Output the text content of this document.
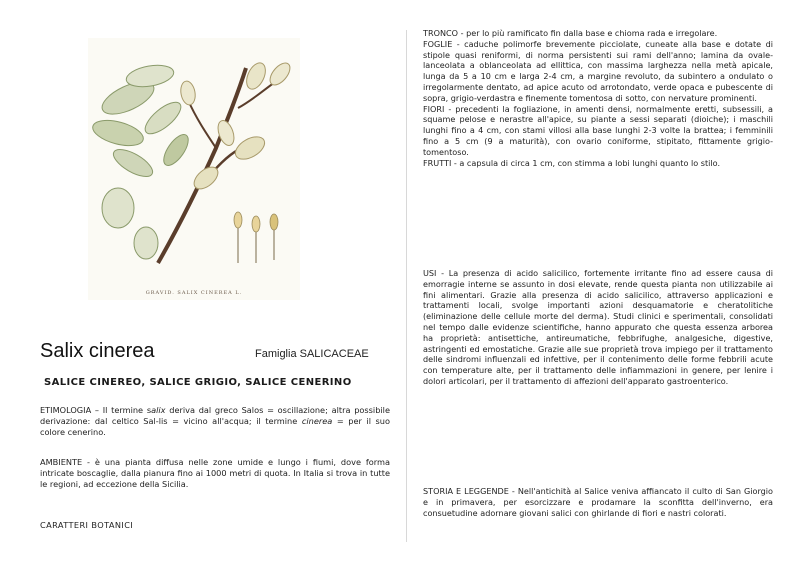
GRAVID. SALIX CINEREA L.
Salix cinerea	Famiglia SALICACEAE
SALICE CINEREO, SALICE GRIGIO, SALICE CENERINO
ETIMOLOGIA – Il termine salix deriva dal greco Salos = oscillazione; altra possibile derivazione: dal celtico Sal-lis = vicino all'acqua; il termine cinerea = per il suo colore cenerino.
AMBIENTE - è una pianta diffusa nelle zone umide e lungo i fiumi, dove forma intricate boscaglie, dalla pianura fino ai 1000 metri di quota. In Italia si trova in tutte le regioni, ad eccezione della Sicilia.
CARATTERI BOTANICI

TRONCO - per lo più ramificato fin dalla base e chioma rada e irregolare.

FOGLIE - caduche polimorfe brevemente picciolate, cuneate alla base e dotate di stipole quasi reniformi, di norma persistenti sui rami dell'anno; lamina da ovale-lanceolata a oblanceolata ad ellittica, con massima larghezza nella metà apicale, lunga da 5 a 10 cm e larga 2-4 cm, a margine revoluto, da subintero a ondulato o irregolarmente dentato, ad apice acuto od arrotondato, verde opaca e pubescente di sopra, grigio-verdastra e finemente tomentosa di sotto, con nervature prominenti.

FIORI - precedenti la fogliazione, in amenti densi, normalmente eretti, subsessili, a squame pelose e nerastre all'apice, su piante a sessi separati (dioiche); i maschili lunghi fino a 4 cm, con stami villosi alla base lunghi 2-3 volte la brattea; i femminili fino a 5 cm (9 a maturità), con ovario coniforme, stipitato, fittamente grigio-tomentoso.

FRUTTI - a capsula di circa 1 cm, con stimma a lobi lunghi quanto lo stilo.

USI - La presenza di acido salicilico, fortemente irritante fino ad essere causa di emorragie interne se assunto in dosi elevate, rende questa pianta non utilizzabile ai fini alimentari. Grazie alla presenza di acido salicilico, attraverso applicazioni e trattamenti locali, svolge importanti azioni desquamatorie e cheratolitiche (eliminazione delle cellule morte del derma). Studi clinici e sperimentali, consolidati nel tempo dalle evidenze scientifiche, hanno appurato che questa essenza arborea ha proprietà: antisettiche, antireumatiche, febbrifughe, analgesiche, digestive, astringenti ed emostatiche. Grazie alle sue proprietà trova impiego per il trattamento delle sindromi influenzali ed infettive, per il contenimento delle forme febbrili acute con temperature alte, per il trattamento delle infiammazioni in genere, per lenire i dolori articolari, per il trattamento di affezioni dell'apparato gastroenterico.
STORIA E LEGGENDE - Nell'antichità al Salice veniva affiancato il culto di San Giorgio e in primavera, per esorcizzare e prodamare la sconfitta dell'inverno, era consuetudine adornare giovani salici con ghirlande di fiori e nastri colorati.
